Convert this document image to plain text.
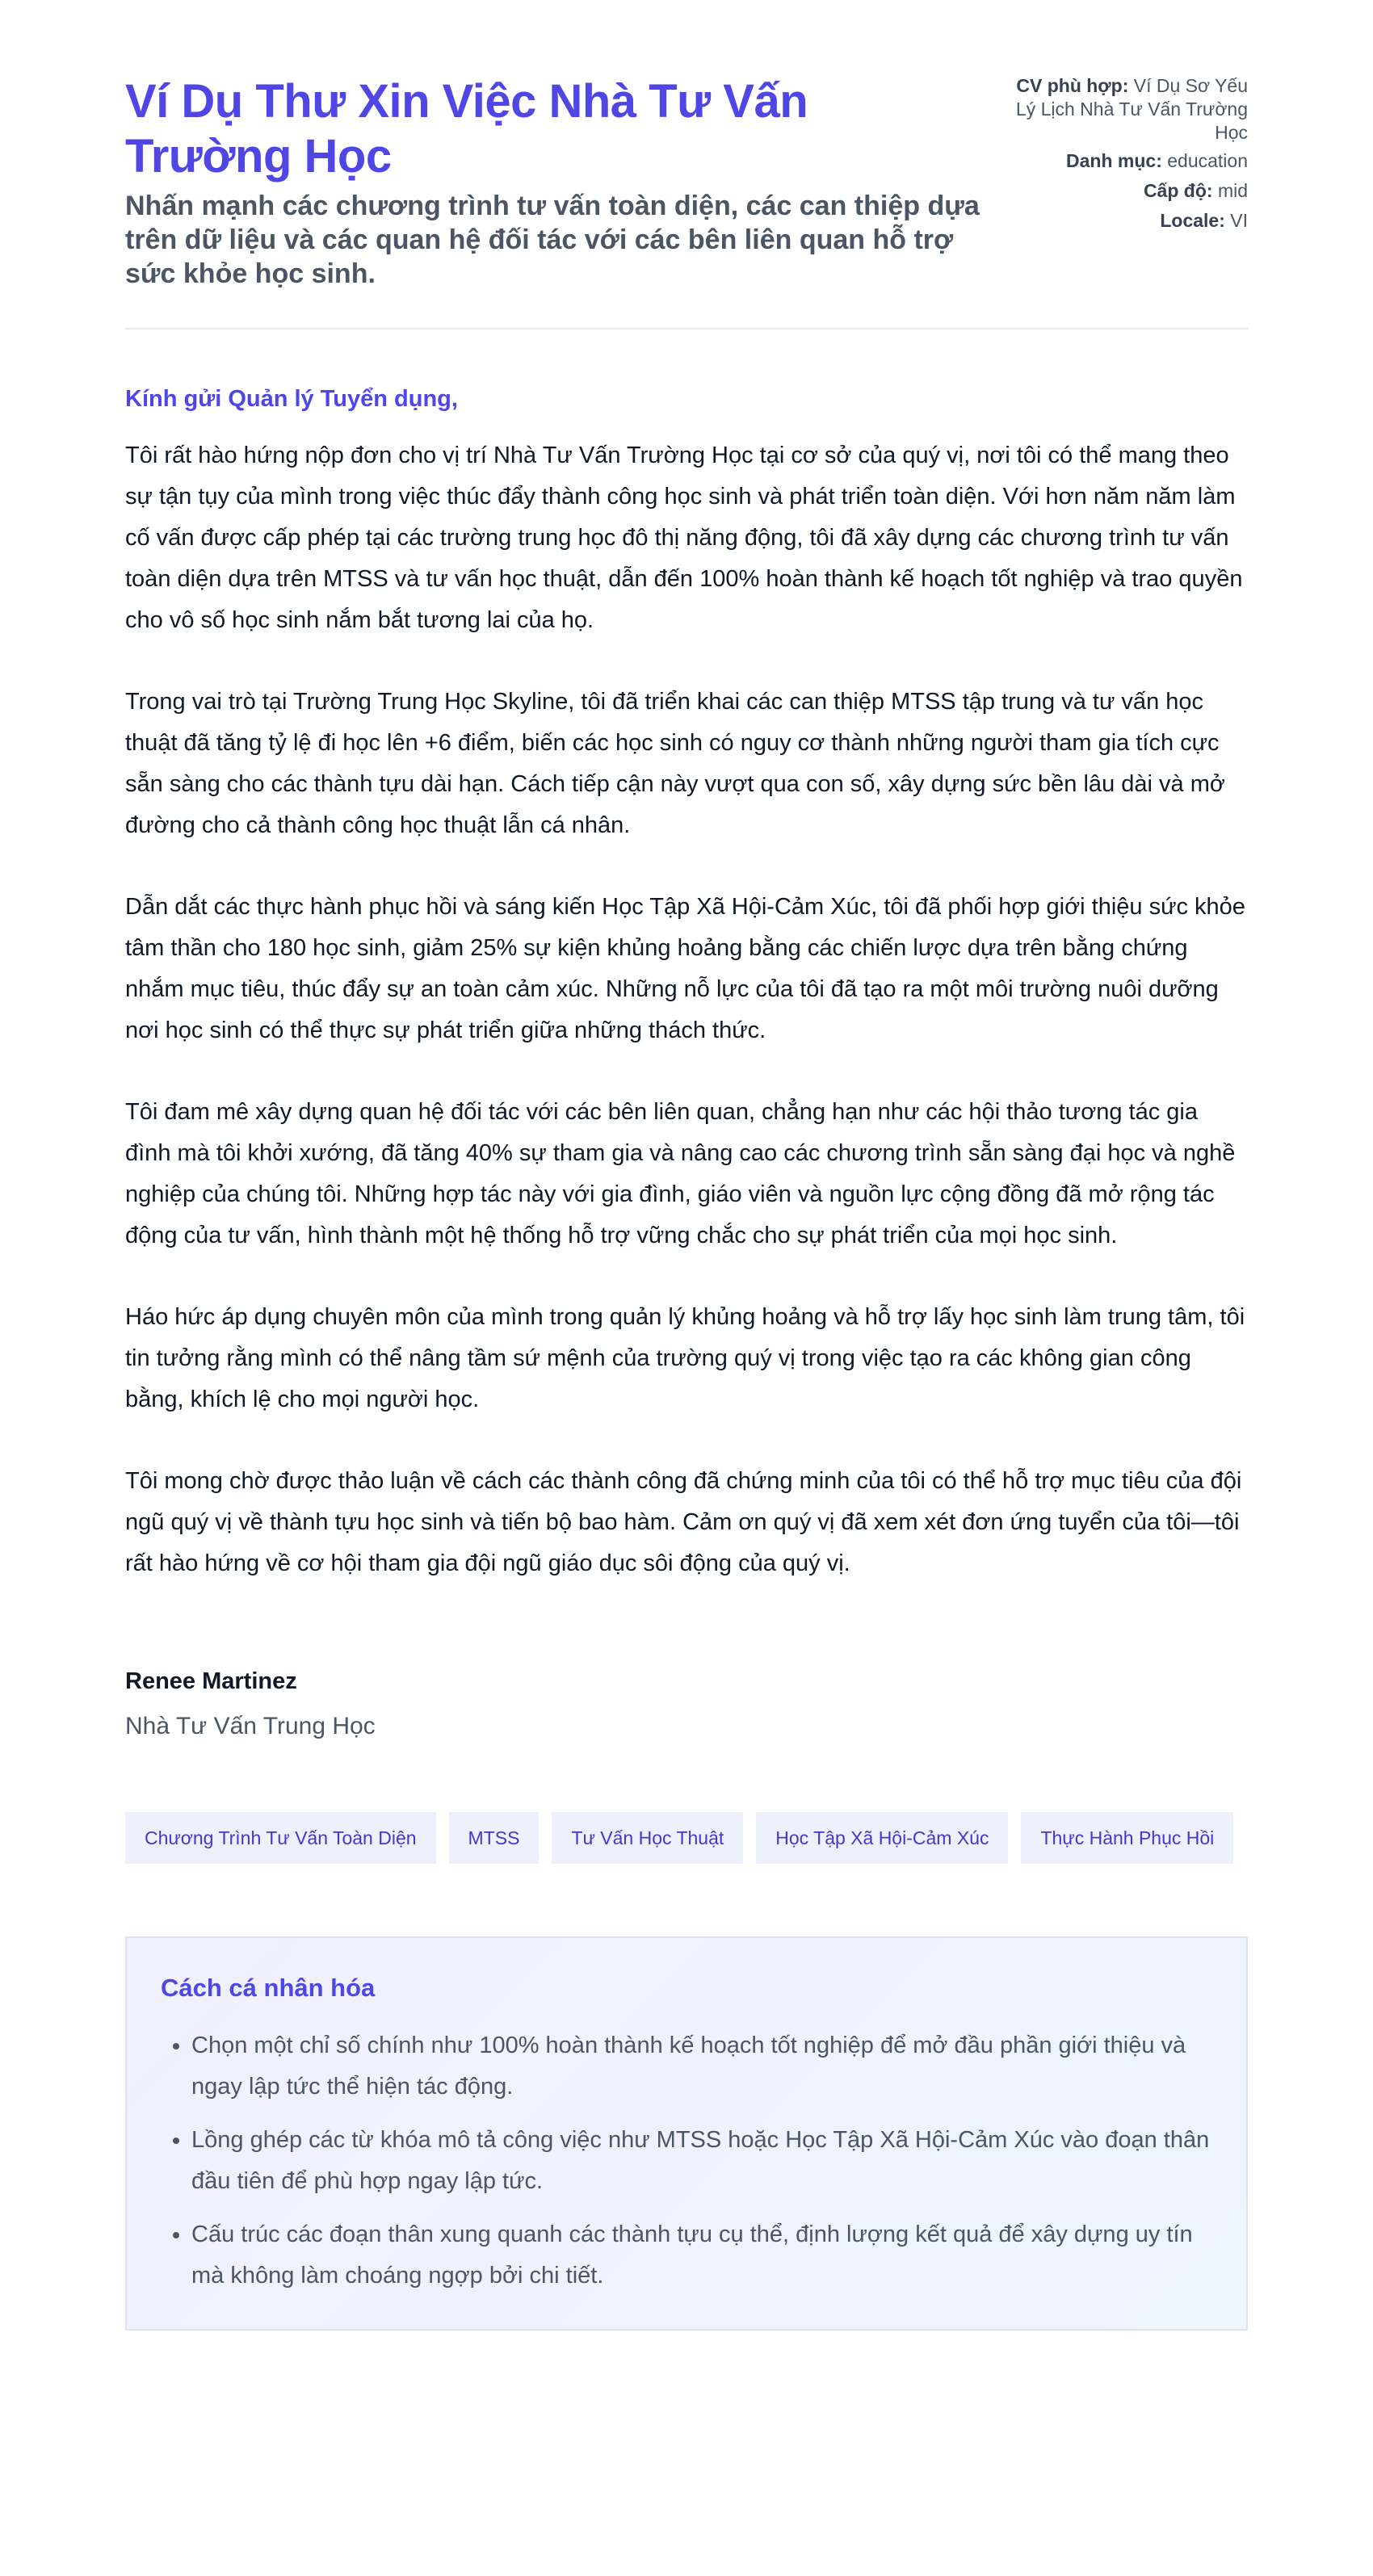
Ví Dụ Thư Xin Việc Nhà Tư Vấn Trường Học

Nhấn mạnh các chương trình tư vấn toàn diện, các can thiệp dựa trên dữ liệu và các quan hệ đối tác với các bên liên quan hỗ trợ sức khỏe học sinh.

CV phù hợp: Ví Dụ Sơ Yếu Lý Lịch Nhà Tư Vấn Trường Học
Danh mục: education
Cấp độ: mid
Locale: VI
Kính gửi Quản lý Tuyển dụng,

Tôi rất hào hứng nộp đơn cho vị trí Nhà Tư Vấn Trường Học tại cơ sở của quý vị, nơi tôi có thể mang theo sự tận tụy của mình trong việc thúc đẩy thành công học sinh và phát triển toàn diện. Với hơn năm năm làm cố vấn được cấp phép tại các trường trung học đô thị năng động, tôi đã xây dựng các chương trình tư vấn toàn diện dựa trên MTSS và tư vấn học thuật, dẫn đến 100% hoàn thành kế hoạch tốt nghiệp và trao quyền cho vô số học sinh nắm bắt tương lai của họ.

Trong vai trò tại Trường Trung Học Skyline, tôi đã triển khai các can thiệp MTSS tập trung và tư vấn học thuật đã tăng tỷ lệ đi học lên +6 điểm, biến các học sinh có nguy cơ thành những người tham gia tích cực sẵn sàng cho các thành tựu dài hạn. Cách tiếp cận này vượt qua con số, xây dựng sức bền lâu dài và mở đường cho cả thành công học thuật lẫn cá nhân.

Dẫn dắt các thực hành phục hồi và sáng kiến Học Tập Xã Hội-Cảm Xúc, tôi đã phối hợp giới thiệu sức khỏe tâm thần cho 180 học sinh, giảm 25% sự kiện khủng hoảng bằng các chiến lược dựa trên bằng chứng nhắm mục tiêu, thúc đẩy sự an toàn cảm xúc. Những nỗ lực của tôi đã tạo ra một môi trường nuôi dưỡng nơi học sinh có thể thực sự phát triển giữa những thách thức.

Tôi đam mê xây dựng quan hệ đối tác với các bên liên quan, chẳng hạn như các hội thảo tương tác gia đình mà tôi khởi xướng, đã tăng 40% sự tham gia và nâng cao các chương trình sẵn sàng đại học và nghề nghiệp của chúng tôi. Những hợp tác này với gia đình, giáo viên và nguồn lực cộng đồng đã mở rộng tác động của tư vấn, hình thành một hệ thống hỗ trợ vững chắc cho sự phát triển của mọi học sinh.

Háo hức áp dụng chuyên môn của mình trong quản lý khủng hoảng và hỗ trợ lấy học sinh làm trung tâm, tôi tin tưởng rằng mình có thể nâng tầm sứ mệnh của trường quý vị trong việc tạo ra các không gian công bằng, khích lệ cho mọi người học.

Tôi mong chờ được thảo luận về cách các thành công đã chứng minh của tôi có thể hỗ trợ mục tiêu của đội ngũ quý vị về thành tựu học sinh và tiến bộ bao hàm. Cảm ơn quý vị đã xem xét đơn ứng tuyển của tôi—tôi rất hào hứng về cơ hội tham gia đội ngũ giáo dục sôi động của quý vị.

Renee Martinez
Nhà Tư Vấn Trung Học
Chương Trình Tư Vấn Toàn Diện	MTSS	Tư Vấn Học Thuật	Học Tập Xã Hội-Cảm Xúc	Thực Hành Phục Hồi
Cách cá nhân hóa
• Chọn một chỉ số chính như 100% hoàn thành kế hoạch tốt nghiệp để mở đầu phần giới thiệu và ngay lập tức thể hiện tác động.
• Lồng ghép các từ khóa mô tả công việc như MTSS hoặc Học Tập Xã Hội-Cảm Xúc vào đoạn thân đầu tiên để phù hợp ngay lập tức.
• Cấu trúc các đoạn thân xung quanh các thành tựu cụ thể, định lượng kết quả để xây dựng uy tín mà không làm choáng ngợp bởi chi tiết.
